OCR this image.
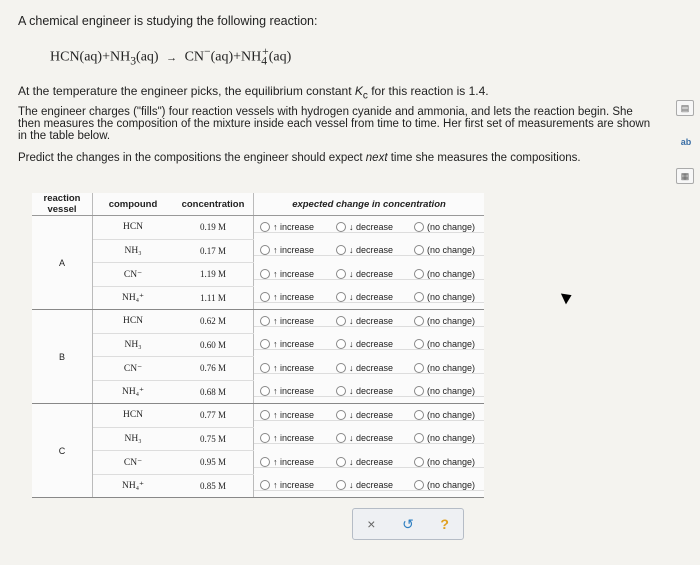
A chemical engineer is studying the following reaction:
$HCN(aq)+NH_3(aq) \to CN^-(aq)+NH_4^+(aq)$
At the temperature the engineer picks, the equilibrium constant $K_c$ for this reaction is 1.4.
The engineer charges ("fills") four reaction vessels with hydrogen cyanide and ammonia, and lets the reaction begin. She then measures the composition of the mixture inside each vessel from time to time. Her first set of measurements are shown in the table below.
Predict the changes in the compositions the engineer should expect next time she measures the compositions.
▤
ab
▦
reaction vessel	compound	concentration	expected change in concentration
A	HCN	0.19 M	↑ increase ↓ decrease (no change)

	NH₃	0.17 M	↑ increase ↓ decrease (no change)

	CN⁻	1.19 M	↑ increase ↓ decrease (no change)

	NH₄⁺	1.11 M	↑ increase ↓ decrease (no change)

B	HCN	0.62 M	↑ increase ↓ decrease (no change)

	NH₃	0.60 M	↑ increase ↓ decrease (no change)

	CN⁻	0.76 M	↑ increase ↓ decrease (no change)

	NH₄⁺	0.68 M	↑ increase ↓ decrease (no change)

C	HCN	0.77 M	↑ increase ↓ decrease (no change)

	NH₃	0.75 M	↑ increase ↓ decrease (no change)

	CN⁻	0.95 M	↑ increase ↓ decrease (no change)

	NH₄⁺	0.85 M	↑ increase ↓ decrease (no change)
×	↺	?
